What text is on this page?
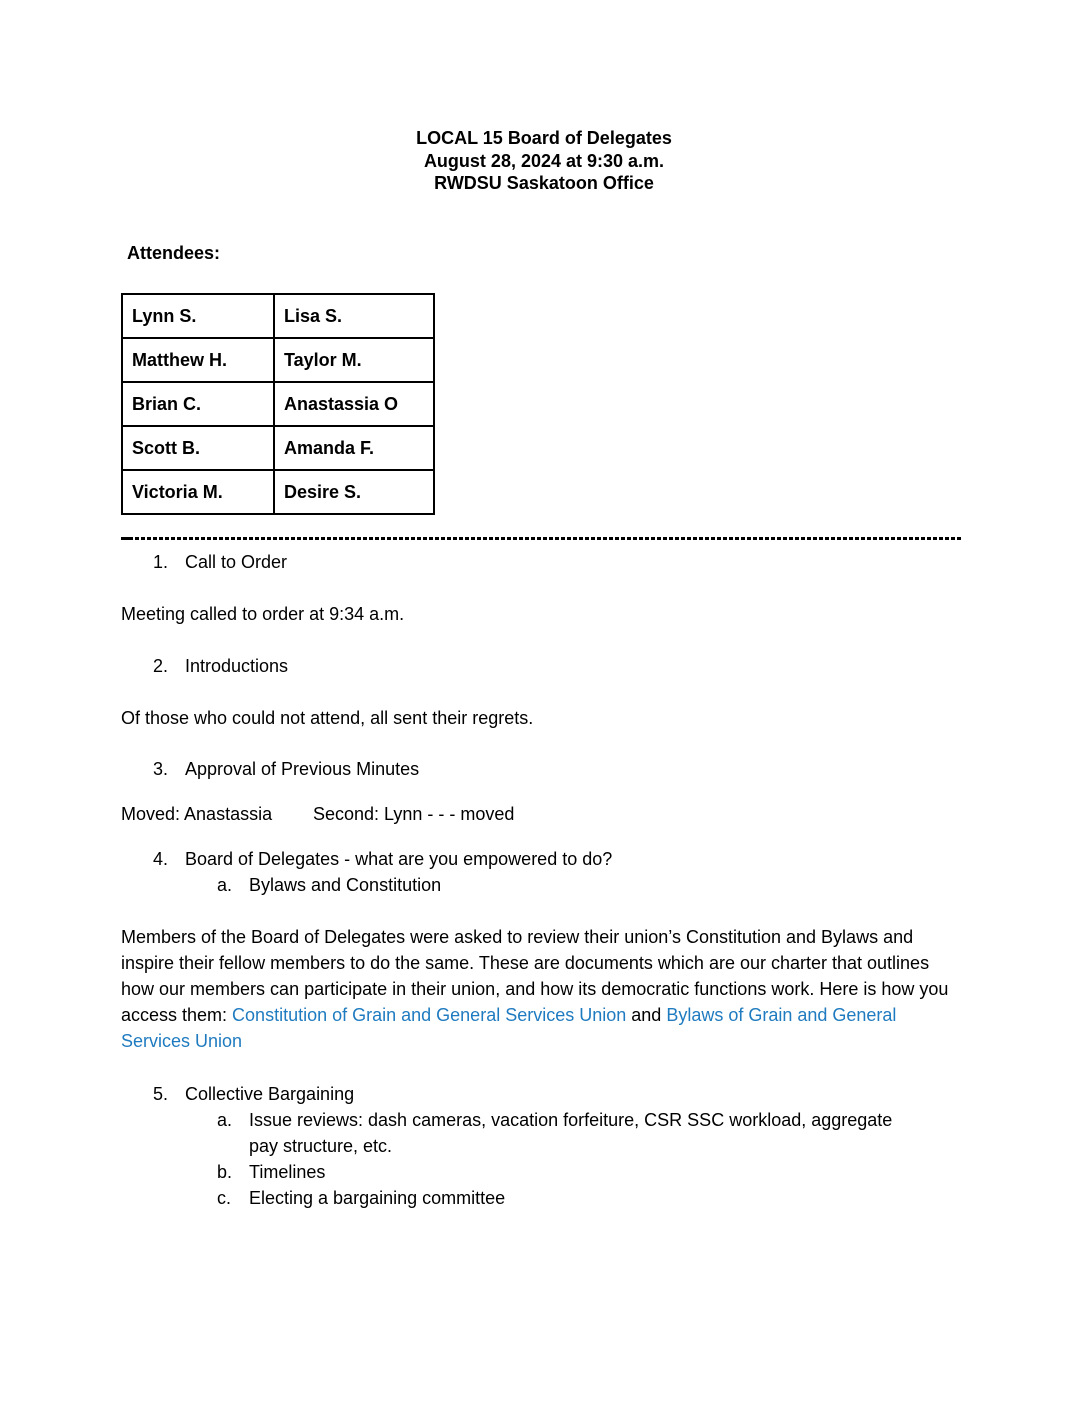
LOCAL 15 Board of Delegates
August 28, 2024 at 9:30 a.m.
RWDSU Saskatoon Office
Attendees:
Lynn S.	Lisa S.
Matthew H.	Taylor M.
Brian C.	Anastassia O
Scott B.	Amanda F.
Victoria M.	Desire S.
1. Call to Order
Meeting called to order at 9:34 a.m.
2. Introductions
Of those who could not attend, all sent their regrets.
3. Approval of Previous Minutes
Moved: Anastassia Second: Lynn - - - moved
4. Board of Delegates - what are you empowered to do?
a. Bylaws and Constitution
Members of the Board of Delegates were asked to review their union’s Constitution and Bylaws and inspire their fellow members to do the same. These are documents which are our charter that outlines how our members can participate in their union, and how its democratic functions work. Here is how you access them: Constitution of Grain and General Services Union and Bylaws of Grain and General Services Union
5. Collective Bargaining
a. Issue reviews: dash cameras, vacation forfeiture, CSR SSC workload, aggregate
pay structure, etc.
b. Timelines
c. Electing a bargaining committee
